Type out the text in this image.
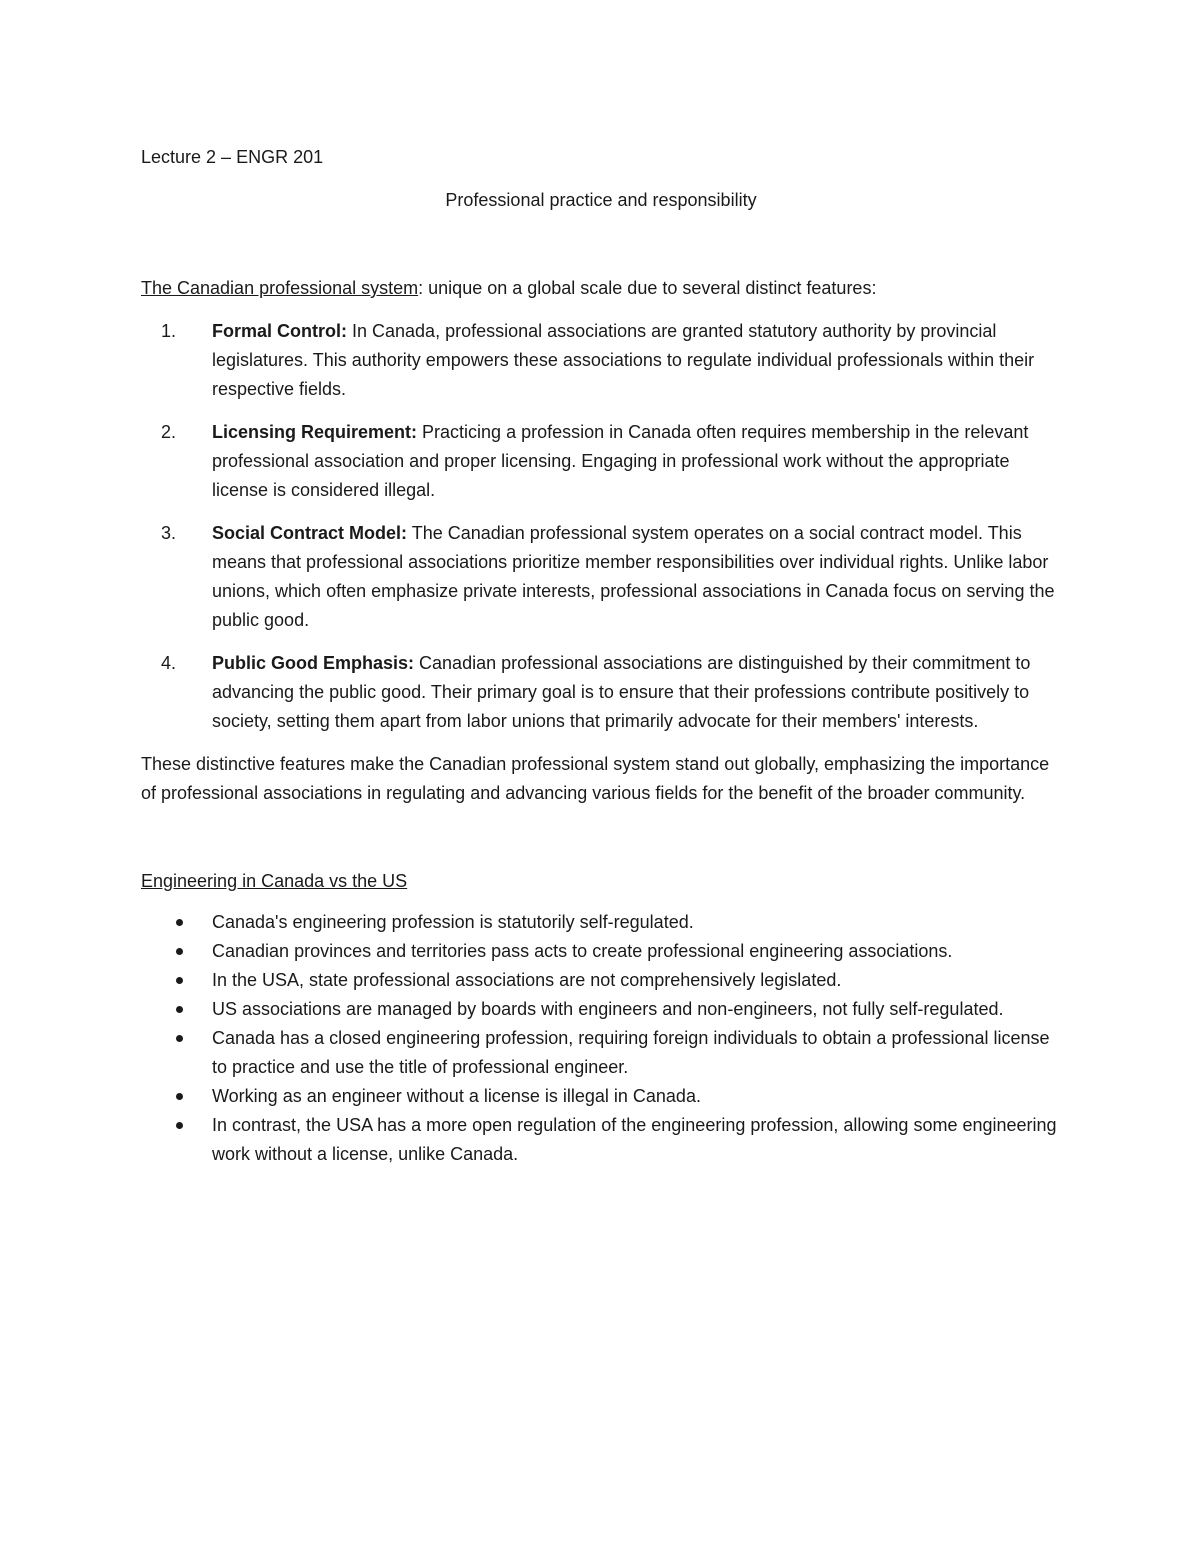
Lecture 2 – ENGR 201

Professional practice and responsibility

The Canadian professional system: unique on a global scale due to several distinct features:

1. Formal Control: In Canada, professional associations are granted statutory authority by provincial legislatures. This authority empowers these associations to regulate individual professionals within their respective fields.
2. Licensing Requirement: Practicing a profession in Canada often requires membership in the relevant professional association and proper licensing. Engaging in professional work without the appropriate license is considered illegal.
3. Social Contract Model: The Canadian professional system operates on a social contract model. This means that professional associations prioritize member responsibilities over individual rights. Unlike labor unions, which often emphasize private interests, professional associations in Canada focus on serving the public good.
4. Public Good Emphasis: Canadian professional associations are distinguished by their commitment to advancing the public good. Their primary goal is to ensure that their professions contribute positively to society, setting them apart from labor unions that primarily advocate for their members' interests.

These distinctive features make the Canadian professional system stand out globally, emphasizing the importance of professional associations in regulating and advancing various fields for the benefit of the broader community.

Engineering in Canada vs the US

Canada's engineering profession is statutorily self-regulated.
Canadian provinces and territories pass acts to create professional engineering associations.
In the USA, state professional associations are not comprehensively legislated.
US associations are managed by boards with engineers and non-engineers, not fully self-regulated.
Canada has a closed engineering profession, requiring foreign individuals to obtain a professional license to practice and use the title of professional engineer.
Working as an engineer without a license is illegal in Canada.
In contrast, the USA has a more open regulation of the engineering profession, allowing some engineering work without a license, unlike Canada.
